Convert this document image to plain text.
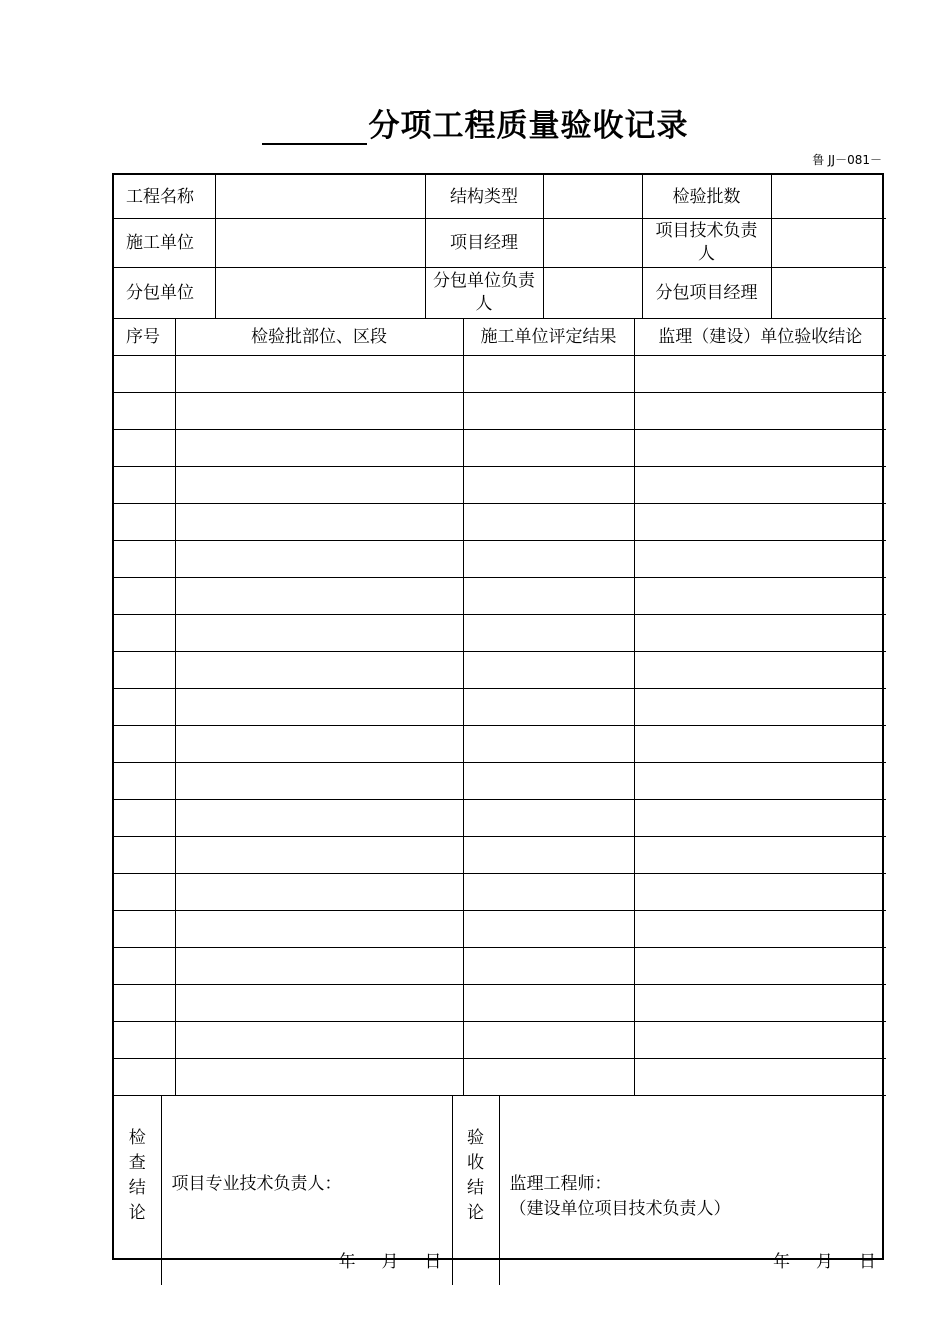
分项工程质量验收记录
鲁 JJ－081－
工程名称		结构类型		检验批数	
施工单位		项目经理		项目技术负责
人	

分包单位		分包单位负责
人		分包项目经理	
序号	检验批部位、区段	施工单位评定结果	监理（建设）单位验收结论

检
查
结
论

项目专业技术负责人：
年 月 日

验
收
结
论

监理工程师：
（建设单位项目技术负责人）
年 月 日
